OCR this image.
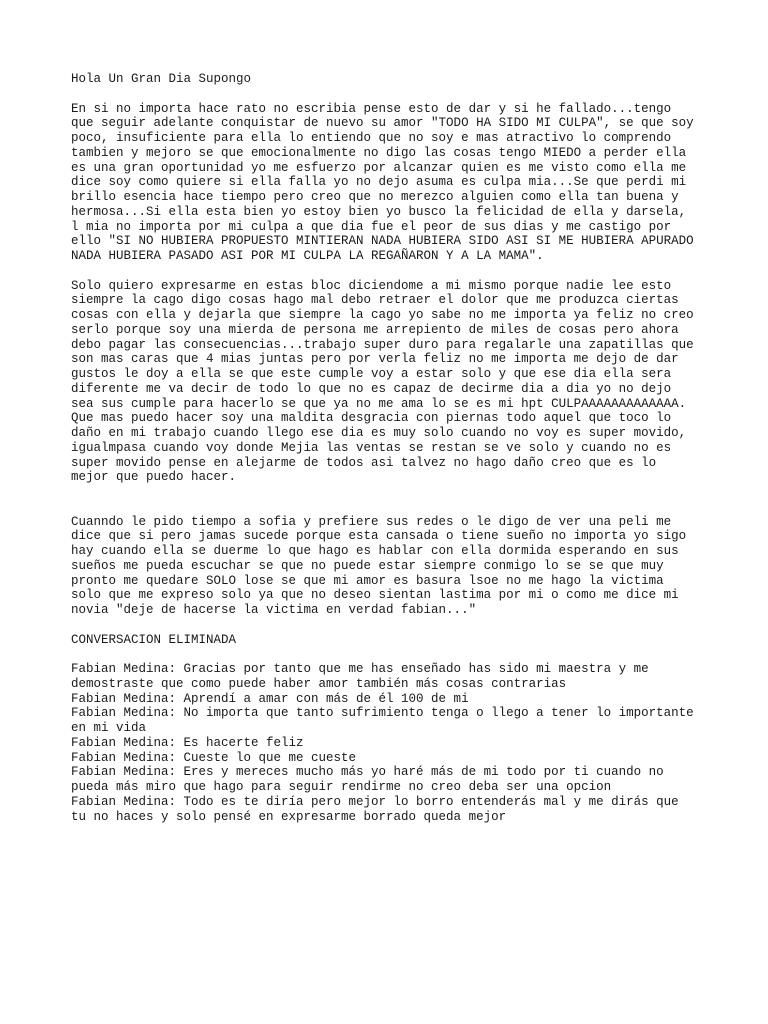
Hola Un Gran Dia Supongo
En si no importa hace rato no escribia pense esto de dar y si he fallado...tengo
que seguir adelante conquistar de nuevo su amor "TODO HA SIDO MI CULPA", se que soy
poco, insuficiente para ella lo entiendo que no soy e mas atractivo lo comprendo
tambien y mejoro se que emocionalmente no digo las cosas tengo MIEDO a perder ella
es una gran oportunidad yo me esfuerzo por alcanzar quien es me visto como ella me
dice soy como quiere si ella falla yo no dejo asuma es culpa mia...Se que perdi mi
brillo esencia hace tiempo pero creo que no merezco alguien como ella tan buena y
hermosa...Si ella esta bien yo estoy bien yo busco la felicidad de ella y darsela,
l mia no importa por mi culpa a que dia fue el peor de sus dias y me castigo por
ello "SI NO HUBIERA PROPUESTO MINTIERAN NADA HUBIERA SIDO ASI SI ME HUBIERA APURADO
NADA HUBIERA PASADO ASI POR MI CULPA LA REGAÑARON Y A LA MAMA".
Solo quiero expresarme en estas bloc diciendome a mi mismo porque nadie lee esto
siempre la cago digo cosas hago mal debo retraer el dolor que me produzca ciertas
cosas con ella y dejarla que siempre la cago yo sabe no me importa ya feliz no creo
serlo porque soy una mierda de persona me arrepiento de miles de cosas pero ahora
debo pagar las consecuencias...trabajo super duro para regalarle una zapatillas que
son mas caras que 4 mias juntas pero por verla feliz no me importa me dejo de dar
gustos le doy a ella se que este cumple voy a estar solo y que ese dia ella sera
diferente me va decir de todo lo que no es capaz de decirme dia a dia yo no dejo
sea sus cumple para hacerlo se que ya no me ama lo se es mi hpt CULPAAAAAAAAAAAAA.
Que mas puedo hacer soy una maldita desgracia con piernas todo aquel que toco lo
daño en mi trabajo cuando llego ese dia es muy solo cuando no voy es super movido,
igualmpasa cuando voy donde Mejia las ventas se restan se ve solo y cuando no es
super movido pense en alejarme de todos asi talvez no hago daño creo que es lo
mejor que puedo hacer.
Cuanndo le pido tiempo a sofia y prefiere sus redes o le digo de ver una peli me
dice que si pero jamas sucede porque esta cansada o tiene sueño no importa yo sigo
hay cuando ella se duerme lo que hago es hablar con ella dormida esperando en sus
sueños me pueda escuchar se que no puede estar siempre conmigo lo se se que muy
pronto me quedare SOLO lose se que mi amor es basura lsoe no me hago la victima
solo que me expreso solo ya que no deseo sientan lastima por mi o como me dice mi
novia "deje de hacerse la victima en verdad fabian..."
CONVERSACION ELIMINADA
Fabian Medina: Gracias por tanto que me has enseñado has sido mi maestra y me
demostraste que como puede haber amor también más cosas contrarias
Fabian Medina: Aprendí a amar con más de él 100 de mi
Fabian Medina: No importa que tanto sufrimiento tenga o llego a tener lo importante
en mi vida
Fabian Medina: Es hacerte feliz
Fabian Medina: Cueste lo que me cueste
Fabian Medina: Eres y mereces mucho más yo haré más de mi todo por ti cuando no
pueda más miro que hago para seguir rendirme no creo deba ser una opcion
Fabian Medina: Todo es te diría pero mejor lo borro entenderás mal y me dirás que
tu no haces y solo pensé en expresarme borrado queda mejor
